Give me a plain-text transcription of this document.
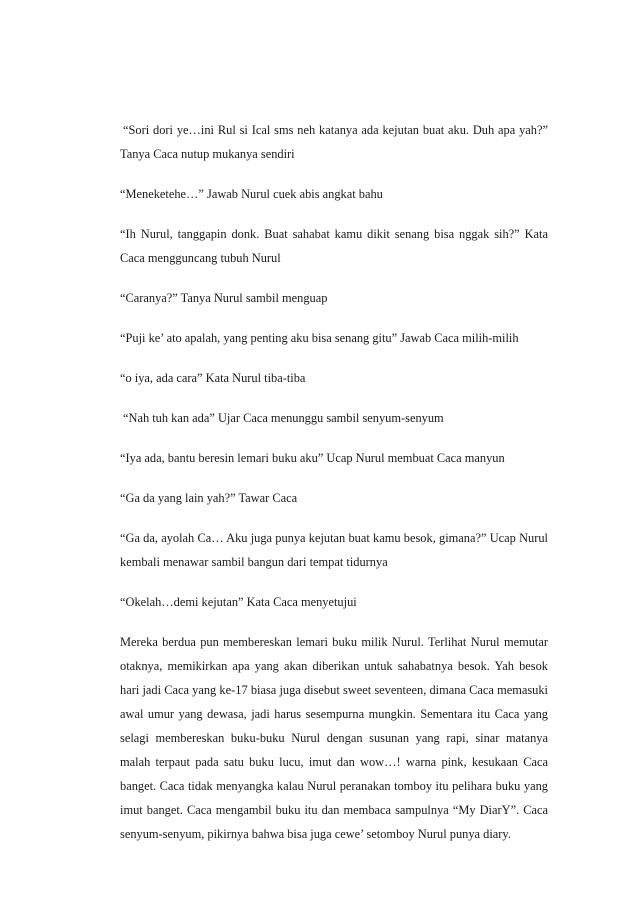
“Sori dori ye…ini Rul si Ical sms neh katanya ada kejutan buat aku. Duh apa yah?” Tanya Caca nutup mukanya sendiri

“Meneketehe…” Jawab Nurul cuek abis angkat bahu

“Ih Nurul, tanggapin donk. Buat sahabat kamu dikit senang bisa nggak sih?” Kata Caca mengguncang tubuh Nurul

“Caranya?” Tanya Nurul sambil menguap

“Puji ke’ ato apalah, yang penting aku bisa senang gitu” Jawab Caca milih-milih

“o iya, ada cara” Kata Nurul tiba-tiba

“Nah tuh kan ada” Ujar Caca menunggu sambil senyum-senyum

“Iya ada, bantu beresin lemari buku aku” Ucap Nurul membuat Caca manyun

“Ga da yang lain yah?” Tawar Caca

“Ga da, ayolah Ca… Aku juga punya kejutan buat kamu besok, gimana?” Ucap Nurul kembali menawar sambil bangun dari tempat tidurnya

“Okelah…demi kejutan” Kata Caca menyetujui

Mereka berdua pun membereskan lemari buku milik Nurul. Terlihat Nurul memutar otaknya, memikirkan apa yang akan diberikan untuk sahabatnya besok. Yah besok hari jadi Caca yang ke-17 biasa juga disebut sweet seventeen, dimana Caca memasuki awal umur yang dewasa, jadi harus sesempurna mungkin. Sementara itu Caca yang selagi membereskan buku-buku Nurul dengan susunan yang rapi, sinar matanya malah terpaut pada satu buku lucu, imut dan wow…! warna pink, kesukaan Caca banget. Caca tidak menyangka kalau Nurul peranakan tomboy itu pelihara buku yang imut banget. Caca mengambil buku itu dan membaca sampulnya “My DiarY”. Caca senyum-senyum, pikirnya bahwa bisa juga cewe’ setomboy Nurul punya diary.
